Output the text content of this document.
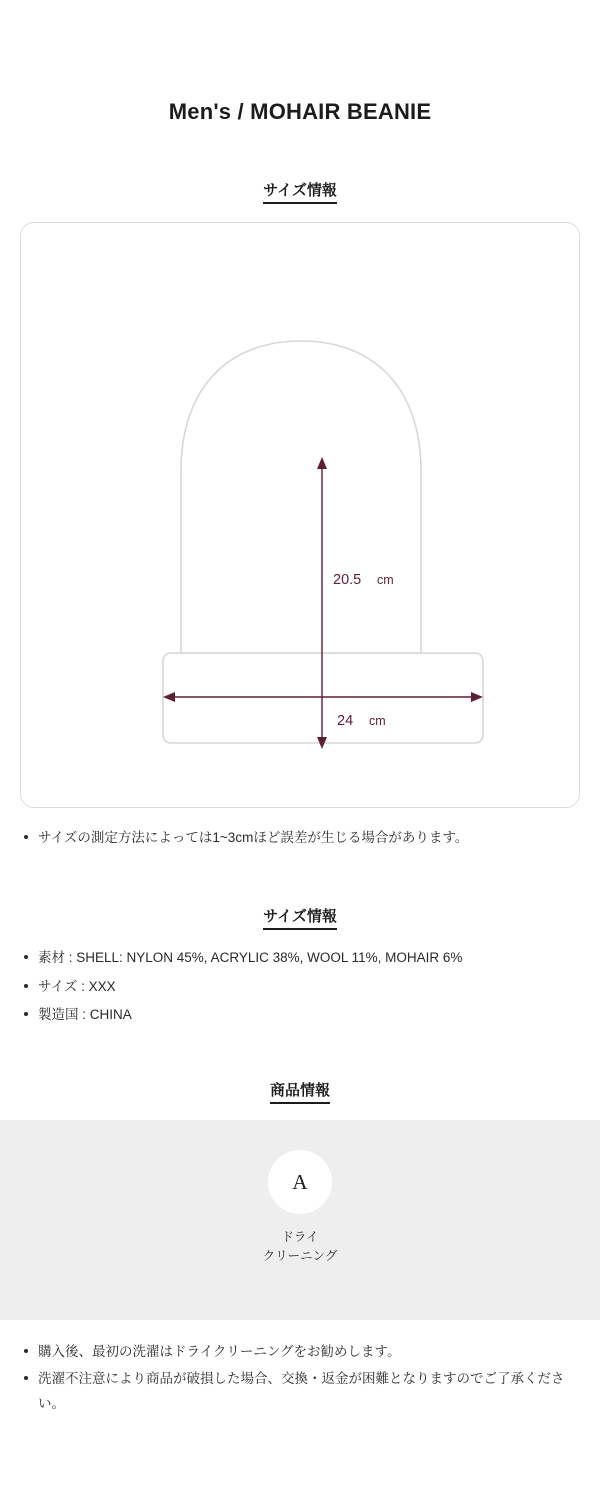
Men's / MOHAIR BEANIE
サイズ情報
20.5 cm
24 cm
サイズの測定方法によっては1~3cmほど誤差が生じる場合があります。
サイズ情報
素材 : SHELL: NYLON 45%, ACRYLIC 38%, WOOL 11%, MOHAIR 6%
サイズ : XXX
製造国 : CHINA
商品情報
A
ドライ
クリーニング
購入後、最初の洗濯はドライクリーニングをお勧めします。
洗濯不注意により商品が破損した場合、交換・返金が困難となりますのでご了承ください。
